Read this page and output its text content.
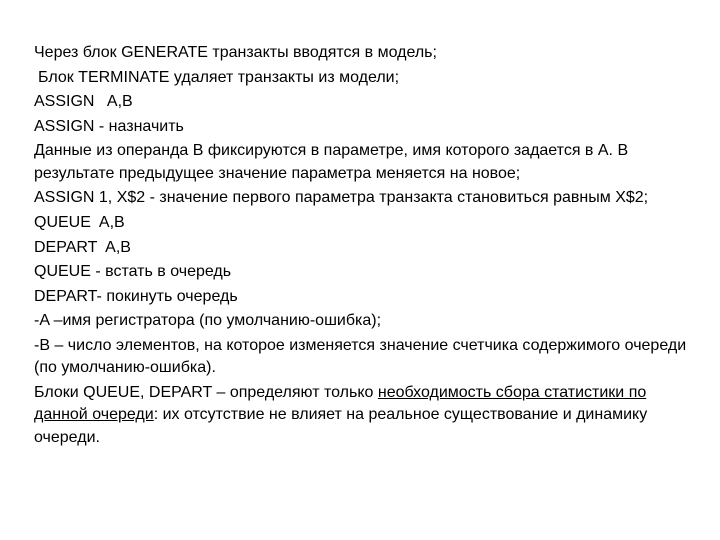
Через блок GENERATE транзакты вводятся в модель;

Блок TERMINATE удаляет транзакты из модели;

ASSIGN   A,B

ASSIGN - назначить

Данные из операнда B фиксируются в параметре, имя которого задается в A. В результате предыдущее значение параметра меняется на новое;

ASSIGN 1, X$2 - значение первого параметра транзакта становиться равным X$2;

QUEUE  A,B

DEPART  A,B

QUEUE - встать в очередь

DEPART- покинуть очередь

-A –имя регистратора (по умолчанию-ошибка);

-B – число элементов, на которое изменяется значение счетчика содержимого очереди (по умолчанию-ошибка).

Блоки QUEUE, DEPART – определяют только необходимость сбора статистики по данной очереди: их отсутствие не влияет на реальное существование и динамику очереди.
